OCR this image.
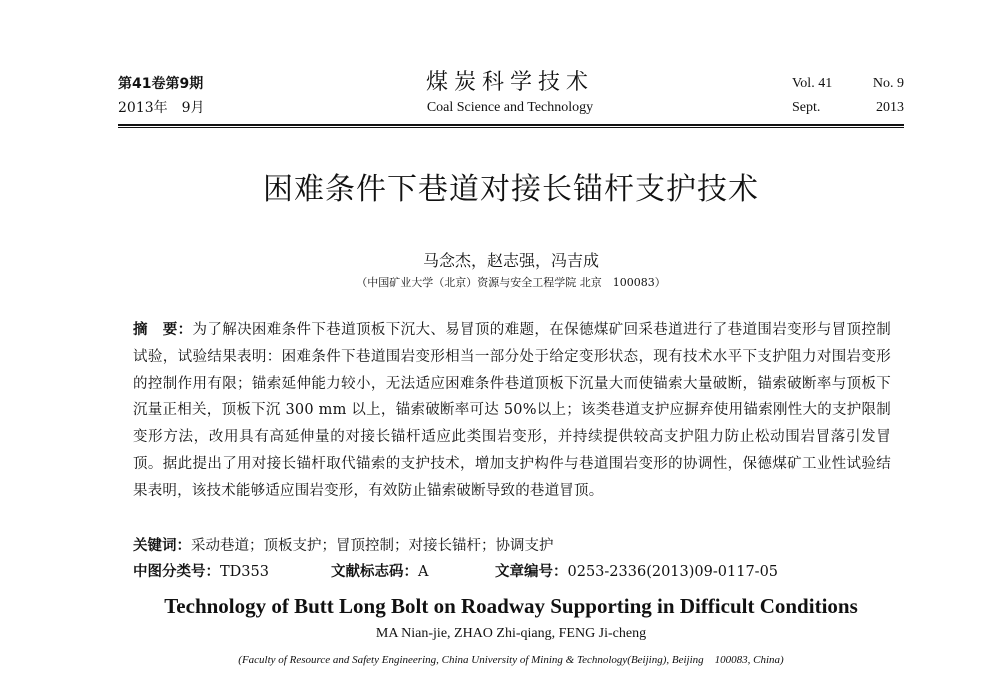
第41卷第9期
2013年　9月
煤炭科学技术
Coal Science and Technology
Vol. 41	No. 9
Sept.	2013
困难条件下巷道对接长锚杆支护技术
马念杰，赵志强，冯吉成
（中国矿业大学（北京）资源与安全工程学院 北京　100083）
摘　要：为了解决困难条件下巷道顶板下沉大、易冒顶的难题，在保德煤矿回采巷道进行了巷道围岩变形与冒顶控制试验，试验结果表明：困难条件下巷道围岩变形相当一部分处于给定变形状态，现有技术水平下支护阻力对围岩变形的控制作用有限；锚索延伸能力较小，无法适应困难条件巷道顶板下沉量大而使锚索大量破断，锚索破断率与顶板下沉量正相关，顶板下沉 300 mm 以上，锚索破断率可达 50%以上；该类巷道支护应摒弃使用锚索刚性大的支护限制变形方法，改用具有高延伸量的对接长锚杆适应此类围岩变形，并持续提供较高支护阻力防止松动围岩冒落引发冒顶。据此提出了用对接长锚杆取代锚索的支护技术，增加支护构件与巷道围岩变形的协调性，保德煤矿工业性试验结果表明，该技术能够适应围岩变形，有效防止锚索破断导致的巷道冒顶。
关键词：采动巷道；顶板支护；冒顶控制；对接长锚杆；协调支护
中图分类号：TD353	文献标志码：A	文章编号：0253-2336(2013)09-0117-05
Technology of Butt Long Bolt on Roadway Supporting in Difficult Conditions
MA Nian-jie, ZHAO Zhi-qiang, FENG Ji-cheng
(Faculty of Resource and Safety Engineering, China University of Mining & Technology(Beijing), Beijing　100083, China)
